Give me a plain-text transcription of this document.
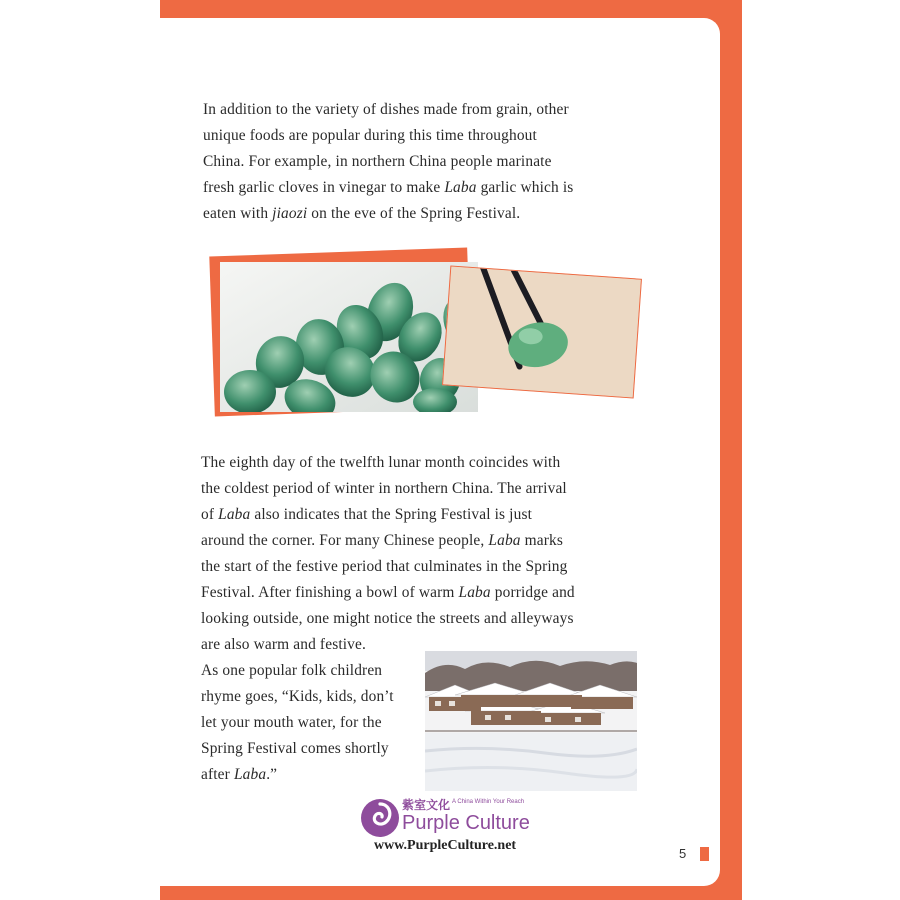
In addition to the variety of dishes made from grain, other
unique foods are popular during this time throughout
China. For example, in northern China people marinate
fresh garlic cloves in vinegar to make Laba garlic which is
eaten with jiaozi on the eve of the Spring Festival.

The eighth day of the twelfth lunar month coincides with
the coldest period of winter in northern China. The arrival
of Laba also indicates that the Spring Festival is just
around the corner. For many Chinese people, Laba marks
the start of the festive period that culminates in the Spring
Festival. After finishing a bowl of warm Laba porridge and
looking outside, one might notice the streets and alleyways
are also warm and festive.

As one popular folk children
rhyme goes, “Kids, kids, don’t
let your mouth water, for the
Spring Festival comes shortly
after Laba.”

紫室文化 A China Within Your Reach
Purple Culture
www.PurpleCulture.net
5
